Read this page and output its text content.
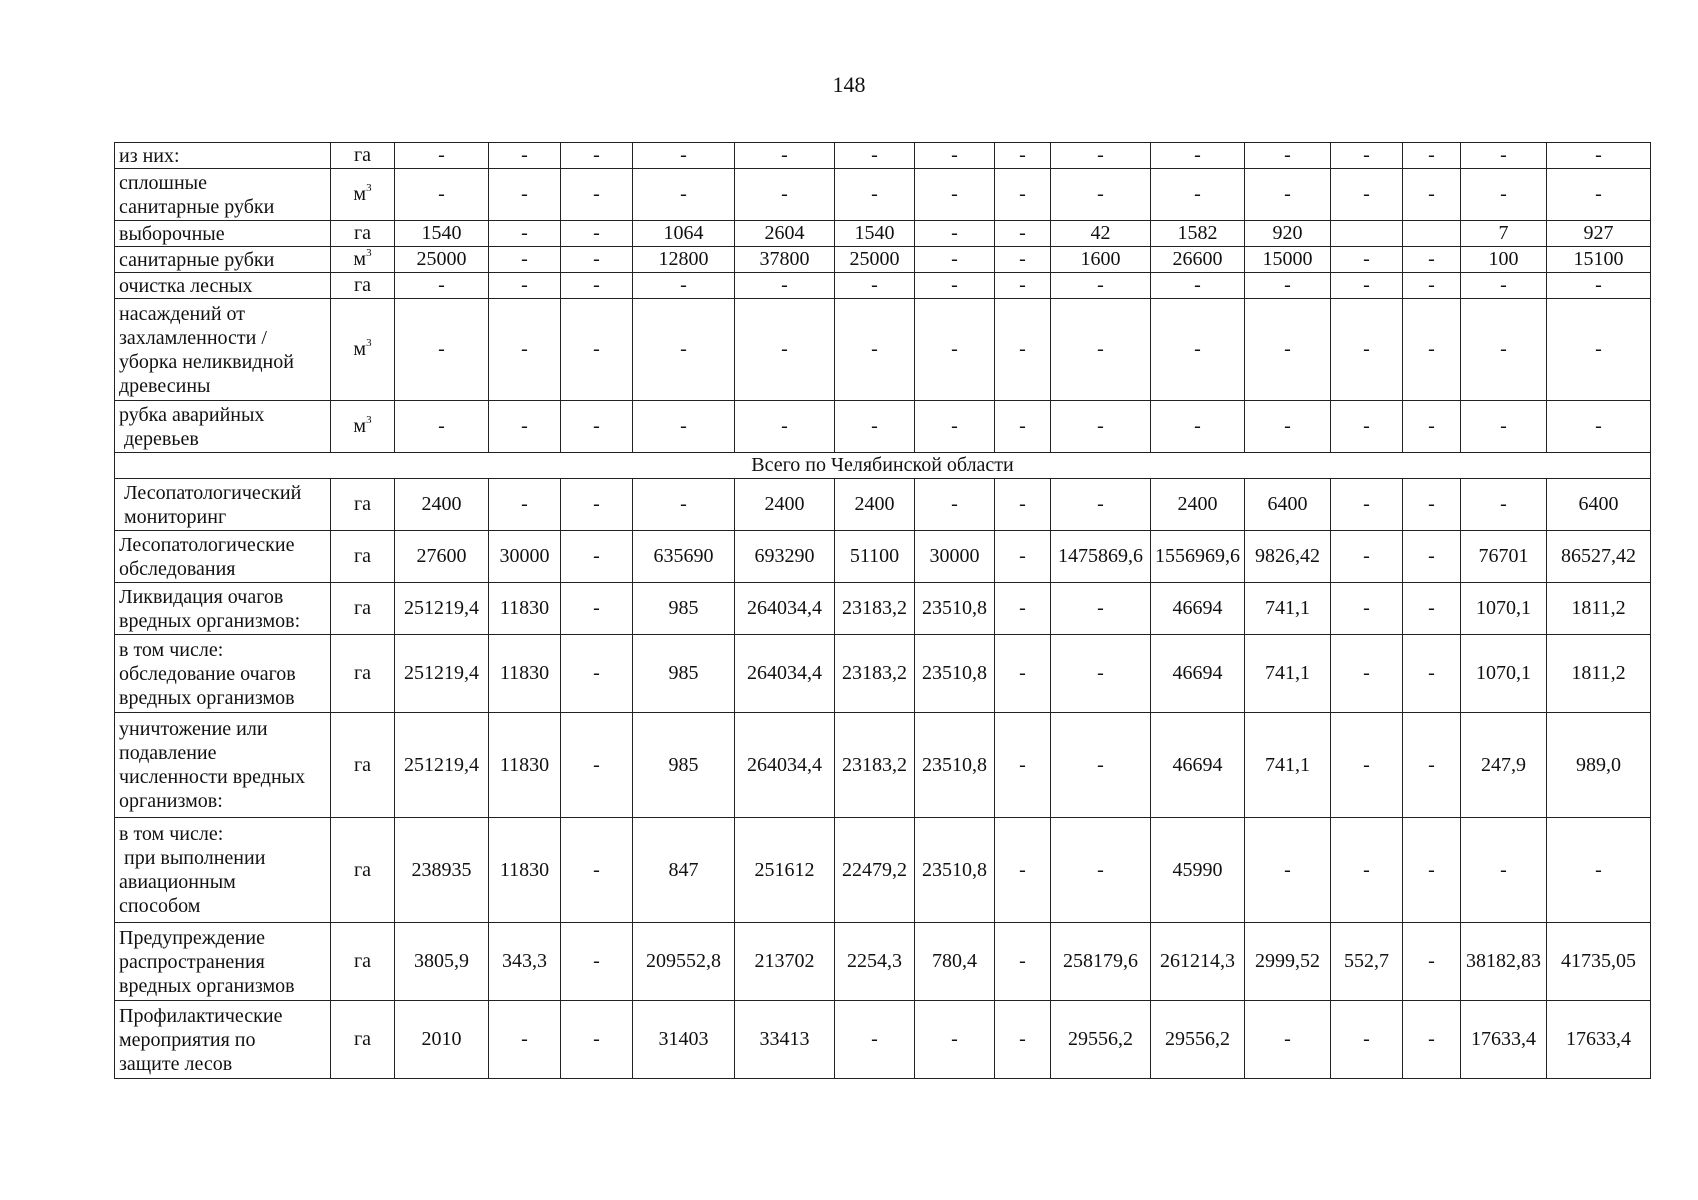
148
из них:	га	-	-	-	-	-	-	-	-	-	-	-	-	-	-	-

сплошные
санитарные рубки	$м^3$	-	-	-	-	-	-	-	-	-	-	-	-	-	-	-
выборочные	га	1540	-	-	1064	2604	1540	-	-	42	1582	920			7	927
санитарные рубки	$м^3$	25000	-	-	12800	37800	25000	-	-	1600	26600	15000	-	-	100	15100
очистка лесных	га	-	-	-	-	-	-	-	-	-	-	-	-	-	-	-

насаждений от
захламленности /
уборка неликвидной
древесины	$м^3$	-	-	-	-	-	-	-	-	-	-	-	-	-	-	-

рубка аварийных
деревьев	$м^3$	-	-	-	-	-	-	-	-	-	-	-	-	-	-	-
Всего по Челябинской области																

Лесопатологический
мониторинг	га	2400	-	-	-	2400	2400	-	-	-	2400	6400	-	-	-	6400

Лесопатологические
обследования	га	27600	30000	-	635690	693290	51100	30000	-	1475869,6	1556969,6	9826,42	-	-	76701	86527,42

Ликвидация очагов
вредных организмов:	га	251219,4	11830	-	985	264034,4	23183,2	23510,8	-	-	46694	741,1	-	-	1070,1	1811,2

в том числе:
обследование очагов
вредных организмов	га	251219,4	11830	-	985	264034,4	23183,2	23510,8	-	-	46694	741,1	-	-	1070,1	1811,2

уничтожение или
подавление
численности вредных
организмов:	га	251219,4	11830	-	985	264034,4	23183,2	23510,8	-	-	46694	741,1	-	-	247,9	989,0

в том числе:
при выполнении
авиационным
способом	га	238935	11830	-	847	251612	22479,2	23510,8	-	-	45990	-	-	-	-	-

Предупреждение
распространения
вредных организмов	га	3805,9	343,3	-	209552,8	213702	2254,3	780,4	-	258179,6	261214,3	2999,52	552,7	-	38182,83	41735,05

Профилактические
мероприятия по
защите лесов	га	2010	-	-	31403	33413	-	-	-	29556,2	29556,2	-	-	-	17633,4	17633,4
